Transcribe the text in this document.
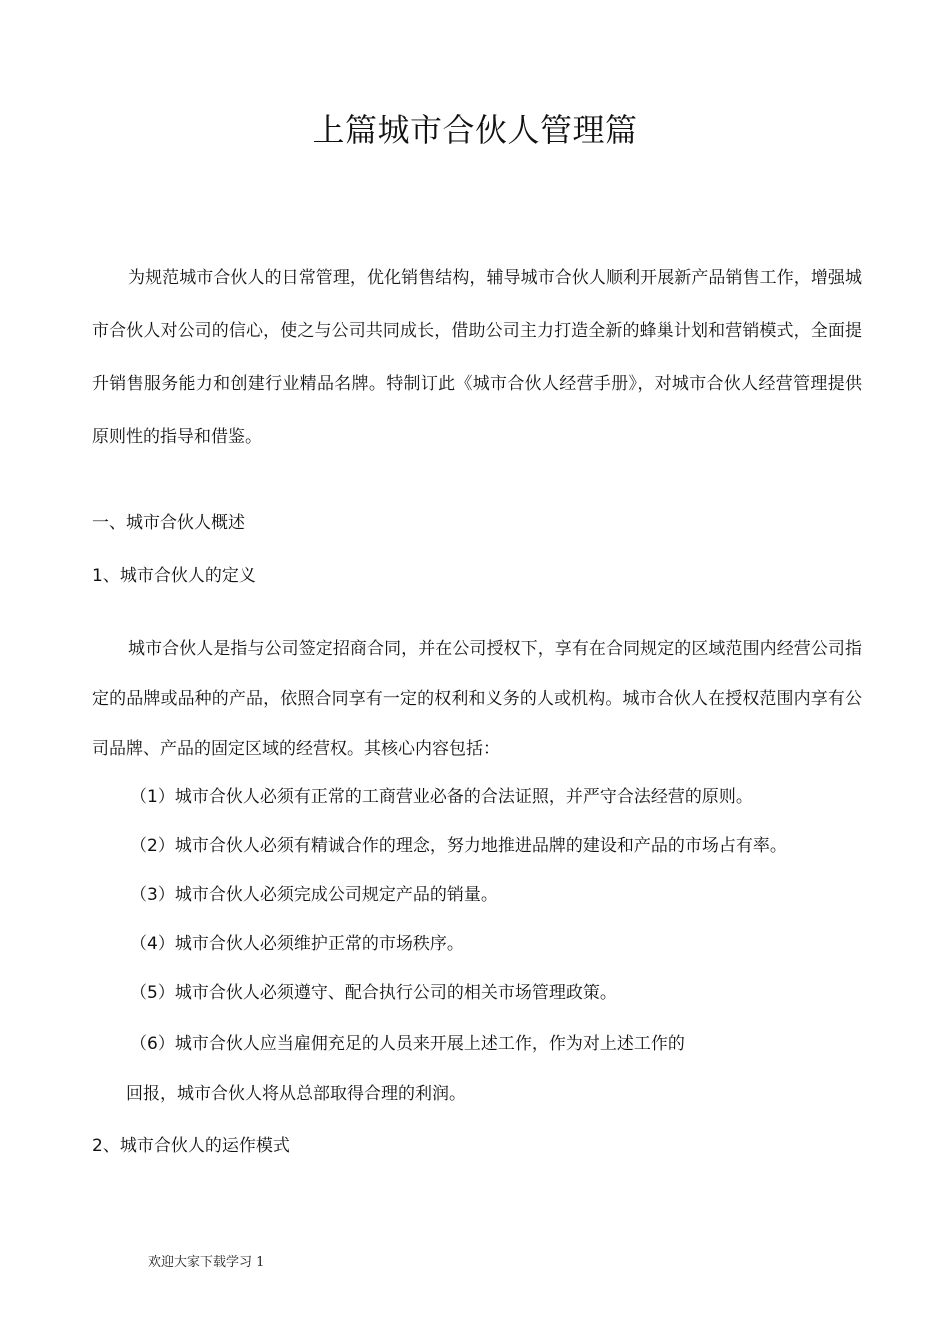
上篇城市合伙人管理篇

为规范城市合伙人的日常管理，优化销售结构，辅导城市合伙人顺利开展新产品销售工作，增强城市合伙人对公司的信心，使之与公司共同成长，借助公司主力打造全新的蜂巢计划和营销模式，全面提升销售服务能力和创建行业精品名牌。特制订此《城市合伙人经营手册》，对城市合伙人经营管理提供原则性的指导和借鉴。

一、城市合伙人概述

1、城市合伙人的定义

城市合伙人是指与公司签定招商合同，并在公司授权下，享有在合同规定的区域范围内经营公司指定的品牌或品种的产品，依照合同享有一定的权利和义务的人或机构。城市合伙人在授权范围内享有公司品牌、产品的固定区域的经营权。其核心内容包括：

（1）城市合伙人必须有正常的工商营业必备的合法证照，并严守合法经营的原则。

（2）城市合伙人必须有精诚合作的理念，努力地推进品牌的建设和产品的市场占有率。

（3）城市合伙人必须完成公司规定产品的销量。

（4）城市合伙人必须维护正常的市场秩序。

（5）城市合伙人必须遵守、配合执行公司的相关市场管理政策。

（6）城市合伙人应当雇佣充足的人员来开展上述工作，作为对上述工作的

回报，城市合伙人将从总部取得合理的利润。

2、城市合伙人的运作模式

欢迎大家下载学习 1
